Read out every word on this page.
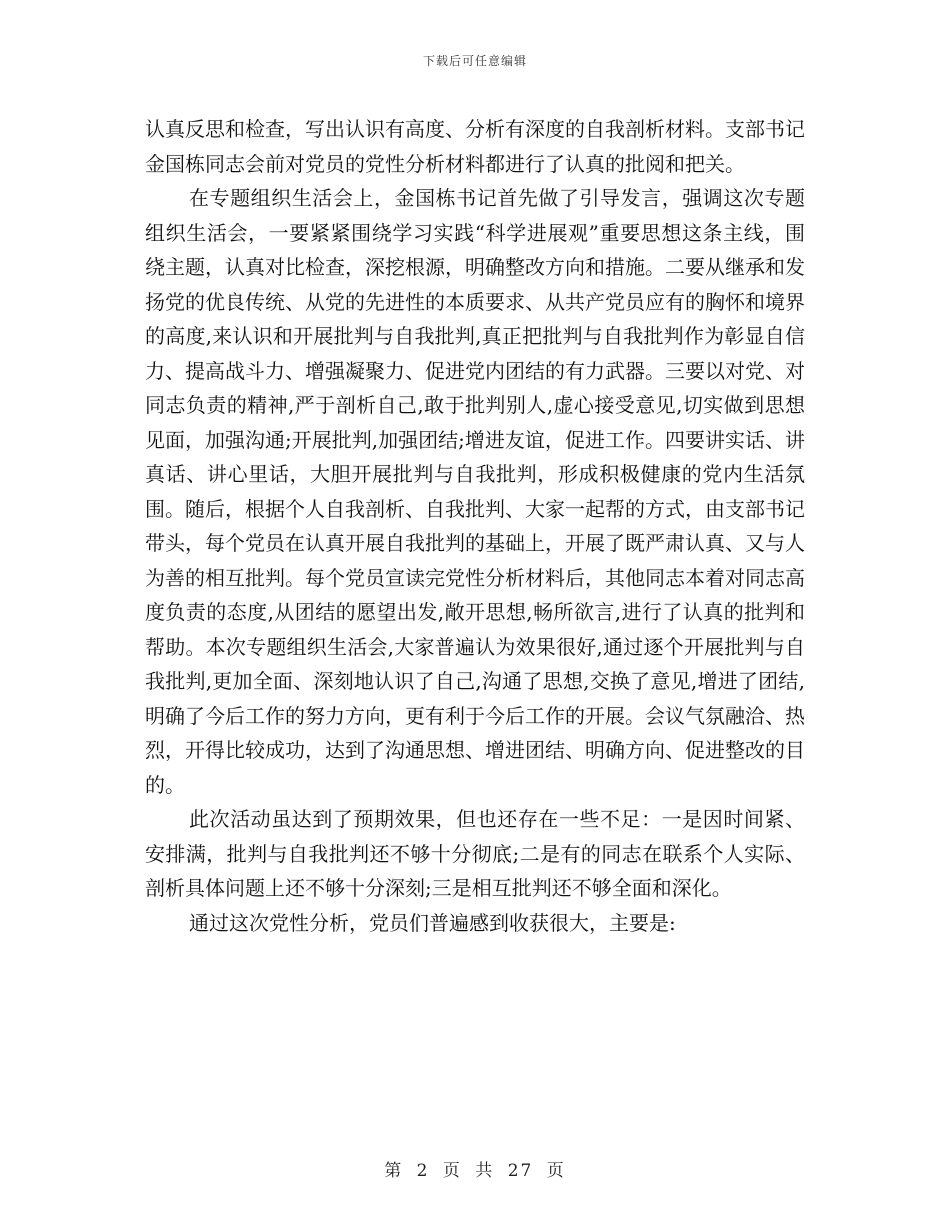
下载后可任意编辑

认真反思和检查，写出认识有高度、分析有深度的自我剖析材料。支部书记金国栋同志会前对党员的党性分析材料都进行了认真的批阅和把关。

在专题组织生活会上，金国栋书记首先做了引导发言，强调这次专题组织生活会，一要紧紧围绕学习实践“科学进展观”重要思想这条主线，围绕主题，认真对比检查，深挖根源，明确整改方向和措施。二要从继承和发扬党的优良传统、从党的先进性的本质要求、从共产党员应有的胸怀和境界的高度,来认识和开展批判与自我批判,真正把批判与自我批判作为彰显自信力、提高战斗力、增强凝聚力、促进党内团结的有力武器。三要以对党、对同志负责的精神,严于剖析自己,敢于批判别人,虚心接受意见,切实做到思想见面，加强沟通;开展批判,加强团结;增进友谊，促进工作。四要讲实话、讲真话、讲心里话，大胆开展批判与自我批判，形成积极健康的党内生活氛围。随后，根据个人自我剖析、自我批判、大家一起帮的方式，由支部书记带头，每个党员在认真开展自我批判的基础上，开展了既严肃认真、又与人为善的相互批判。每个党员宣读完党性分析材料后，其他同志本着对同志高度负责的态度,从团结的愿望出发,敞开思想,畅所欲言,进行了认真的批判和帮助。本次专题组织生活会,大家普遍认为效果很好,通过逐个开展批判与自我批判,更加全面、深刻地认识了自己,沟通了思想,交换了意见,增进了团结,明确了今后工作的努力方向，更有利于今后工作的开展。会议气氛融洽、热烈，开得比较成功，达到了沟通思想、增进团结、明确方向、促进整改的目的。

此次活动虽达到了预期效果，但也还存在一些不足：一是因时间紧、安排满，批判与自我批判还不够十分彻底;二是有的同志在联系个人实际、剖析具体问题上还不够十分深刻;三是相互批判还不够全面和深化。

通过这次党性分析，党员们普遍感到收获很大，主要是:

第 2 页 共 27 页
